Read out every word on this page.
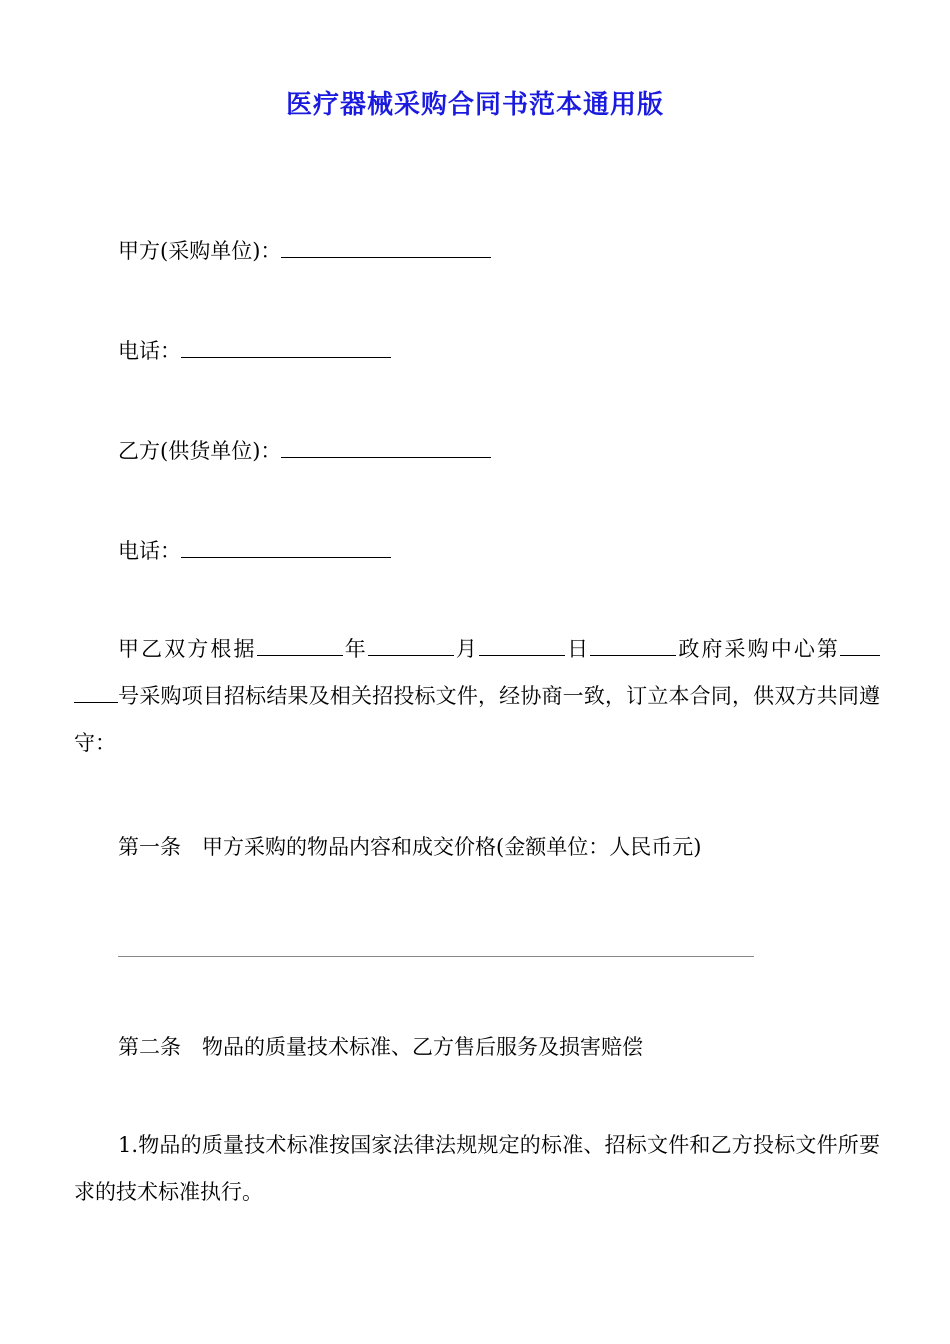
医疗器械采购合同书范本通用版
甲方(采购单位)：
电话：
乙方(供货单位)：
电话：
甲乙双方根据	年	月	日	政府采购中心第号采购项目招标结果及相关招投标文件，经协商一致，订立本合同，供双方共同遵守：
第一条　甲方采购的物品内容和成交价格(金额单位：人民币元)
第二条　物品的质量技术标准、乙方售后服务及损害赔偿
1.物品的质量技术标准按国家法律法规规定的标准、招标文件和乙方投标文件所要求的技术标准执行。
